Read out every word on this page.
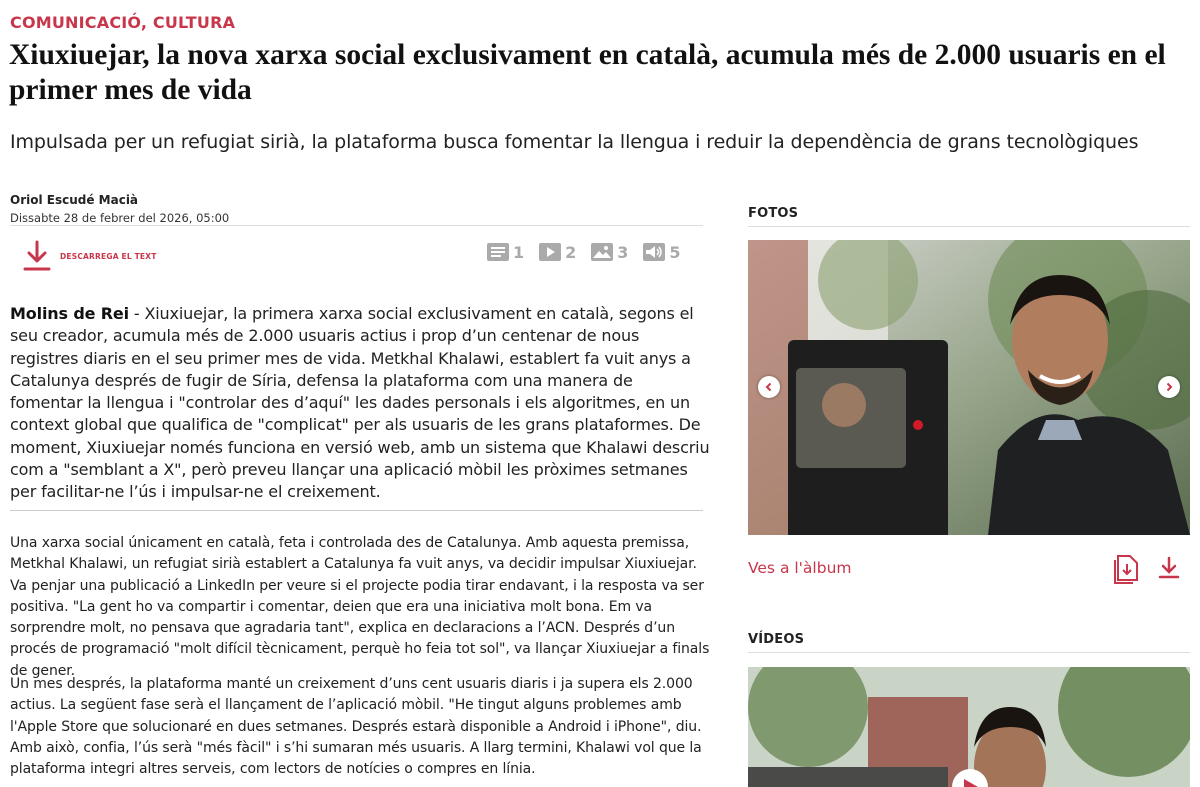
COMUNICACIÓ, CULTURA
Xiuxiuejar, la nova xarxa social exclusivament en català, acumula més de 2.000 usuaris en el primer mes de vida
Impulsada per un refugiat sirià, la plataforma busca fomentar la llengua i reduir la dependència de grans tecnològiques
Oriol Escudé Macià
Dissabte 28 de febrer del 2026, 05:00
DESCARREGA EL TEXT	1	2	3	5

Molins de Rei - Xiuxiuejar, la primera xarxa social exclusivament en català, segons el seu creador, acumula més de 2.000 usuaris actius i prop d’un centenar de nous registres diaris en el seu primer mes de vida. Metkhal Khalawi, establert fa vuit anys a Catalunya després de fugir de Síria, defensa la plataforma com una manera de fomentar la llengua i "controlar des d’aquí" les dades personals i els algoritmes, en un context global que qualifica de "complicat" per als usuaris de les grans plataformes. De moment, Xiuxiuejar només funciona en versió web, amb un sistema que Khalawi descriu com a "semblant a X", però preveu llançar una aplicació mòbil les pròximes setmanes per facilitar-ne l’ús i impulsar-ne el creixement.

Una xarxa social únicament en català, feta i controlada des de Catalunya. Amb aquesta premissa, Metkhal Khalawi, un refugiat sirià establert a Catalunya fa vuit anys, va decidir impulsar Xiuxiuejar. Va penjar una publicació a LinkedIn per veure si el projecte podia tirar endavant, i la resposta va ser positiva. "La gent ho va compartir i comentar, deien que era una iniciativa molt bona. Em va sorprendre molt, no pensava que agradaria tant", explica en declaracions a l’ACN. Després d’un procés de programació "molt difícil tècnicament, perquè ho feia tot sol", va llançar Xiuxiuejar a finals de gener.

Un mes després, la plataforma manté un creixement d’uns cent usuaris diaris i ja supera els 2.000 actius. La següent fase serà el llançament de l’aplicació mòbil. "He tingut alguns problemes amb l'Apple Store que solucionaré en dues setmanes. Després estarà disponible a Android i iPhone", diu. Amb això, confia, l’ús serà "més fàcil" i s’hi sumaran més usuaris. A llarg termini, Khalawi vol que la plataforma integri altres serveis, com lectors de notícies o compres en línia.

FOTOS
Ves a l'àlbum
VÍDEOS
